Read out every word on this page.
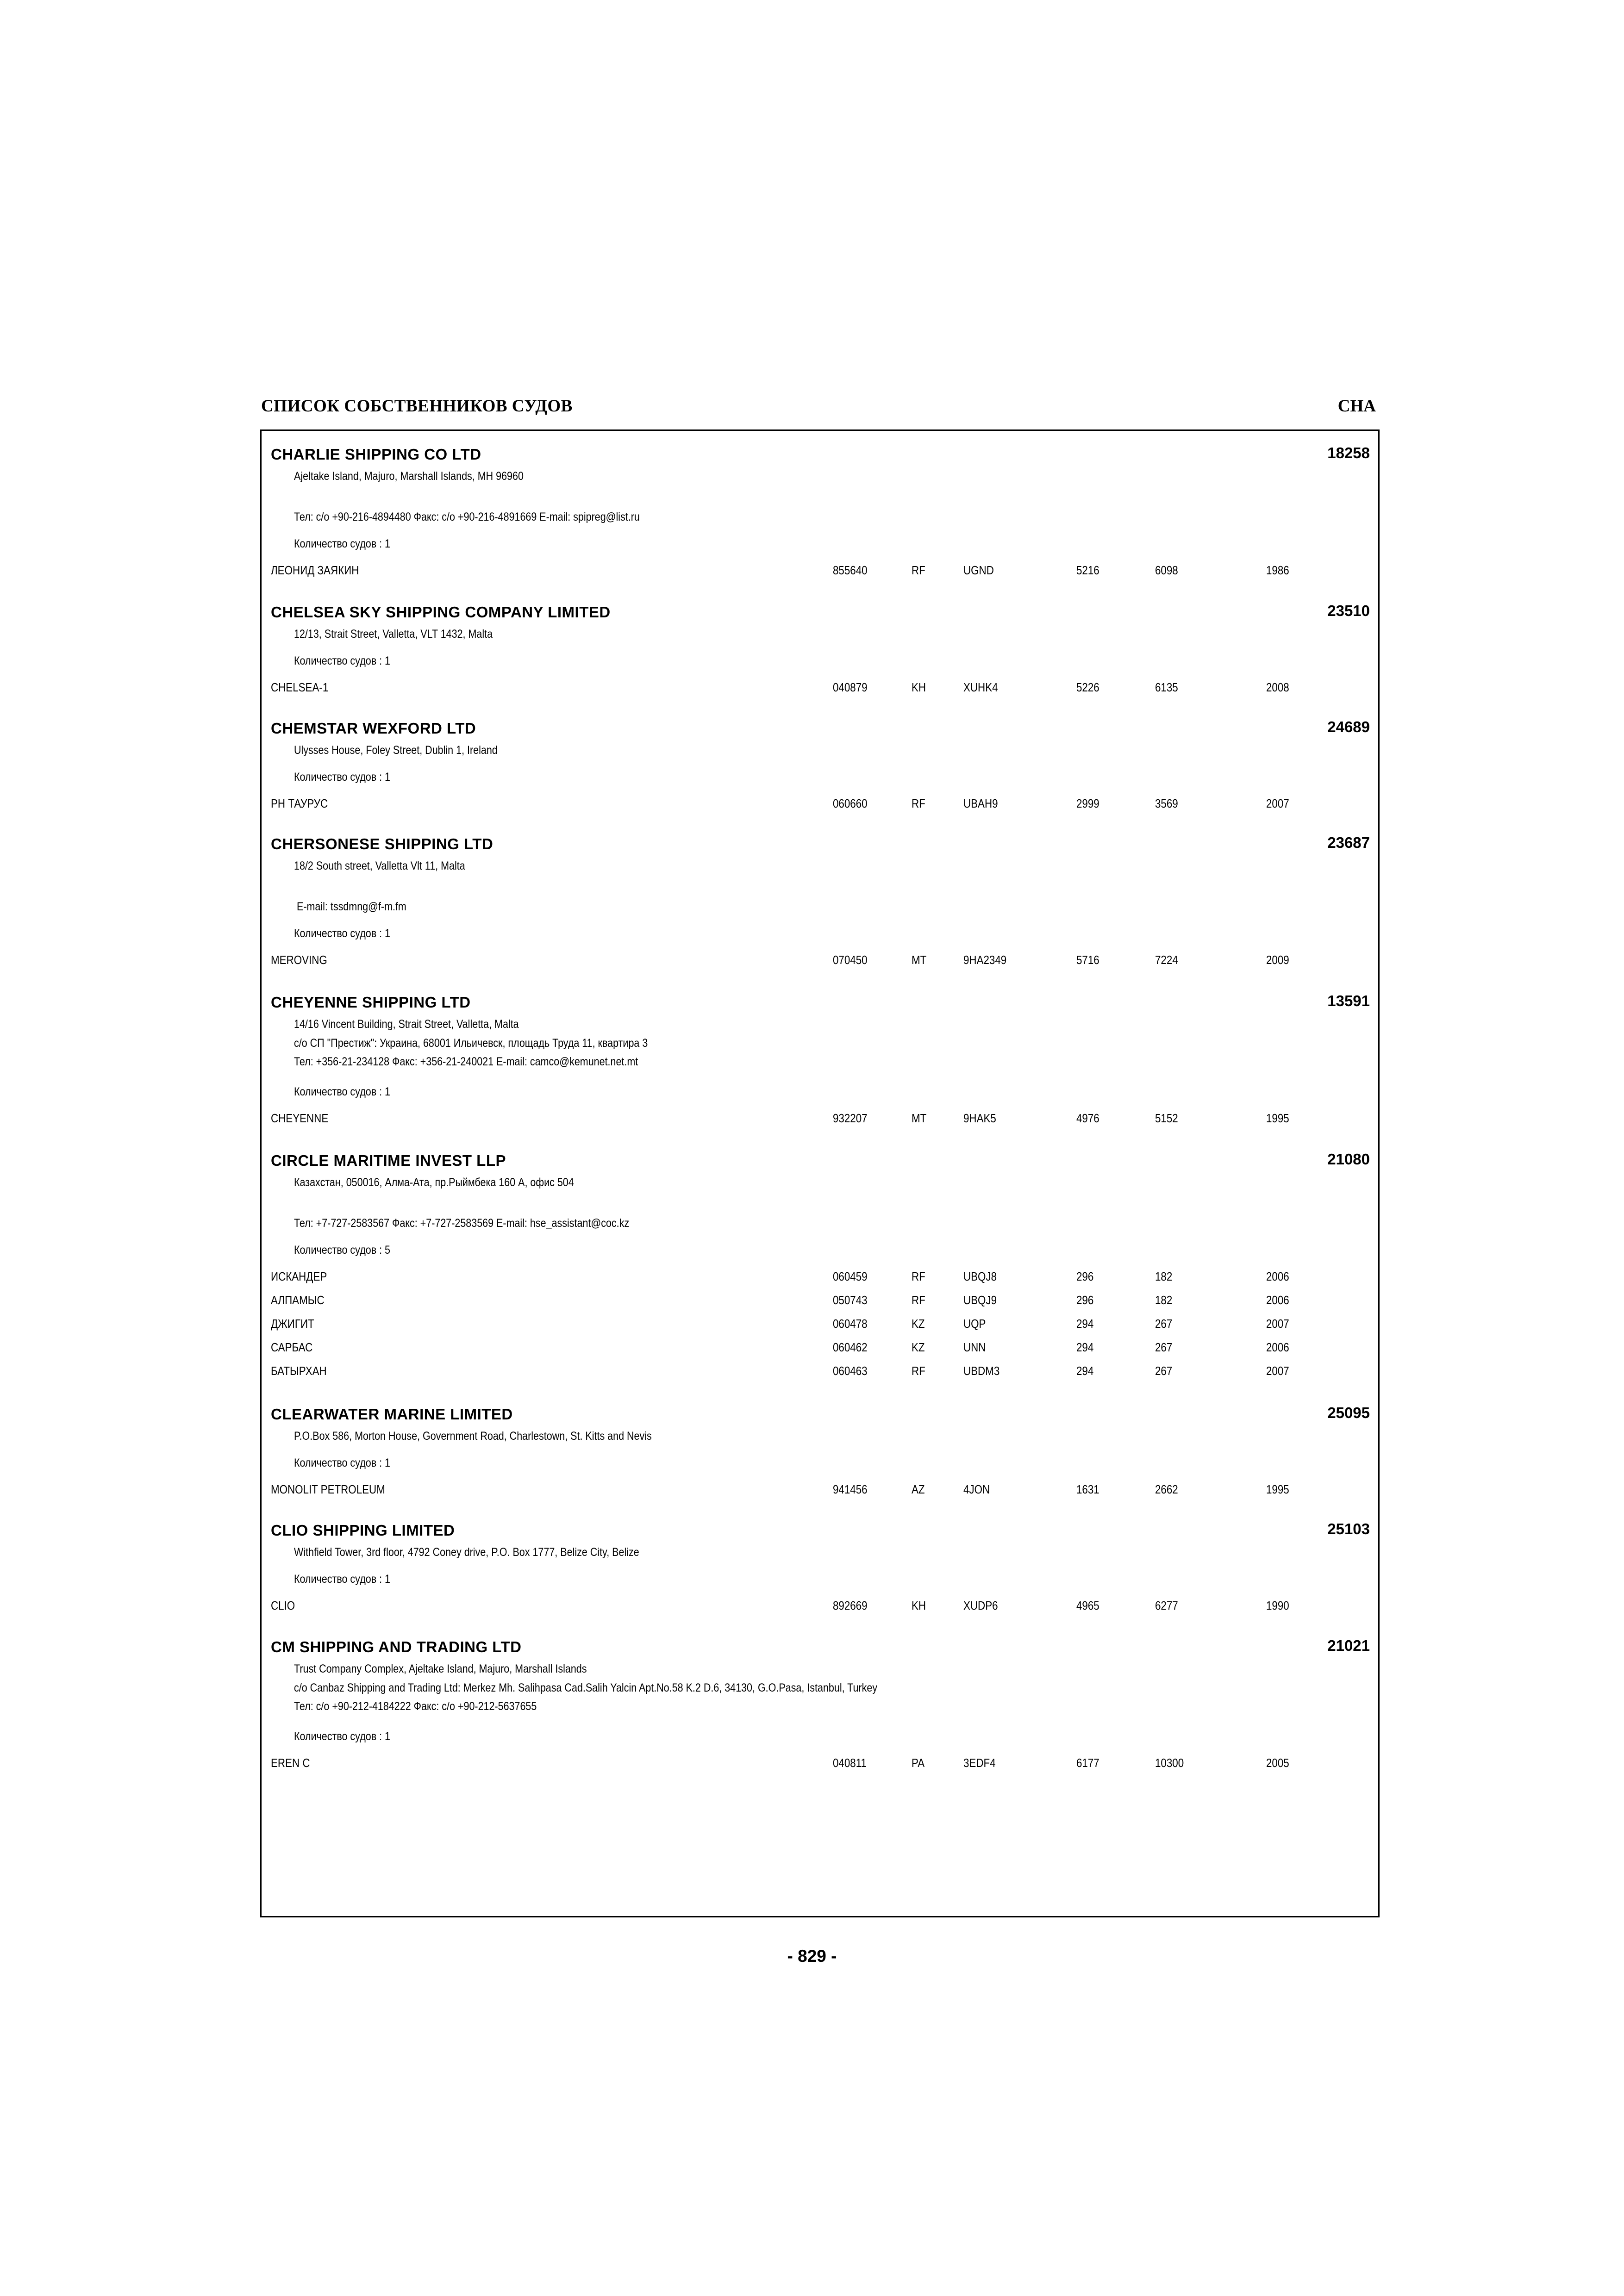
СПИСОК СОБСТВЕННИКОВ СУДОВ	CHA
CHARLIE SHIPPING CO LTD	18258
Ajeltake Island, Majuro, Marshall Islands, MH 96960
Тел: c/o +90-216-4894480 Факс: c/o +90-216-4891669 E-mail: spipreg@list.ru
Количество судов : 1
ЛЕОНИД ЗАЯКИН	855640	RF	UGND	5216	6098	1986
CHELSEA SKY SHIPPING COMPANY LIMITED	23510
12/13, Strait Street, Valletta, VLT 1432, Malta
Количество судов : 1
CHELSEA-1	040879	KH	XUHK4	5226	6135	2008
CHEMSTAR WEXFORD LTD	24689
Ulysses House, Foley Street, Dublin 1, Ireland
Количество судов : 1
РН ТАУРУС	060660	RF	UBAH9	2999	3569	2007
CHERSONESE SHIPPING LTD	23687
18/2 South street, Valletta Vlt 11, Malta
E-mail: tssdmng@f-m.fm
Количество судов : 1
MEROVING	070450	MT	9HA2349	5716	7224	2009
CHEYENNE SHIPPING LTD	13591
14/16 Vincent Building, Strait Street, Valletta, Malta
c/o СП "Престиж": Украина, 68001 Ильичевск, площадь Труда 11, квартира 3
Тел: +356-21-234128 Факс: +356-21-240021 E-mail: camco@kemunet.net.mt
Количество судов : 1
CHEYENNE	932207	MT	9HAK5	4976	5152	1995
CIRCLE MARITIME INVEST LLP	21080
Казахстан, 050016, Алма-Ата, пр.Рыймбека 160 А, офис 504
Тел: +7-727-2583567 Факс: +7-727-2583569 E-mail: hse_assistant@coc.kz
Количество судов : 5
ИСКАНДЕР	060459	RF	UBQJ8	296	182	2006
АЛПАМЫС	050743	RF	UBQJ9	296	182	2006
ДЖИГИТ	060478	KZ	UQP	294	267	2007
САРБАС	060462	KZ	UNN	294	267	2006
БАТЫРХАН	060463	RF	UBDM3	294	267	2007
CLEARWATER MARINE LIMITED	25095
P.O.Box 586, Morton House, Government Road, Charlestown, St. Kitts and Nevis
Количество судов : 1
MONOLIT PETROLEUM	941456	AZ	4JON	1631	2662	1995
CLIO SHIPPING LIMITED	25103
Withfield Tower, 3rd floor, 4792 Coney drive, P.O. Box 1777, Belize City, Belize
Количество судов : 1
CLIO	892669	KH	XUDP6	4965	6277	1990
CM SHIPPING AND TRADING LTD	21021
Trust Company Complex, Ajeltake Island, Majuro, Marshall Islands
c/o Canbaz Shipping and Trading Ltd: Merkez Mh. Salihpasa Cad.Salih Yalcin Apt.No.58 K.2 D.6, 34130, G.O.Pasa, Istanbul, Turkey
Тел: c/o +90-212-4184222 Факс: c/o +90-212-5637655
Количество судов : 1
EREN C	040811	PA	3EDF4	6177	10300	2005
- 829 -
